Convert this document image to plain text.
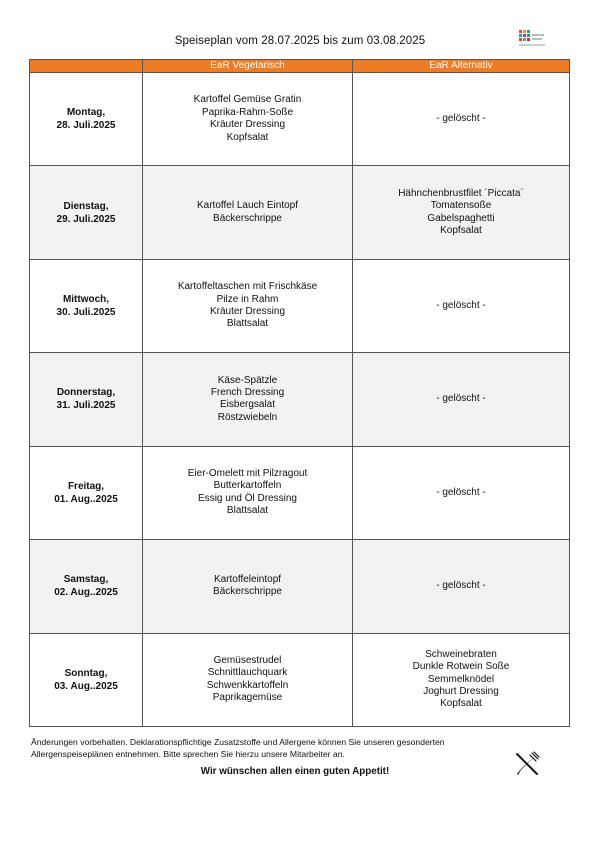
Speiseplan vom 28.07.2025 bis zum 03.08.2025
	EaR Vegetarisch	EaR Alternativ

Montag,
28. Juli.2025	Kartoffel Gemüse Gratin
Paprika-Rahm-Soße
Kräuter Dressing
Kopfsalat	- gelöscht -

Dienstag,
29. Juli.2025	Kartoffel Lauch Eintopf
Bäckerschrippe	Hähnchenbrustfilet ´Piccata´
Tomatensoße
Gabelspaghetti
Kopfsalat

Mittwoch,
30. Juli.2025	Kartoffeltaschen mit Frischkäse
Pilze in Rahm
Kräuter Dressing
Blattsalat	- gelöscht -

Donnerstag,
31. Juli.2025	Käse-Spätzle
French Dressing
Eisbergsalat
Röstzwiebeln	- gelöscht -

Freitag,
01. Aug..2025	Eier-Omelett mit Pilzragout
Butterkartoffeln
Essig und Öl Dressing
Blattsalat	- gelöscht -

Samstag,
02. Aug..2025	Kartoffeleintopf
Bäckerschrippe	- gelöscht -

Sonntag,
03. Aug..2025	Gemüsestrudel
Schnittlauchquark
Schwenkkartoffeln
Paprikagemüse	Schweinebraten
Dunkle Rotwein Soße
Semmelknödel
Joghurt Dressing
Kopfsalat
Änderungen vorbehalten. Deklarationspflichtige Zusatzstoffe und Allergene können Sie unseren gesonderten
Allergenspeiseplänen entnehmen. Bitte sprechen Sie hierzu unsere Mitarbeiter an.
Wir wünschen allen einen guten Appetit!
